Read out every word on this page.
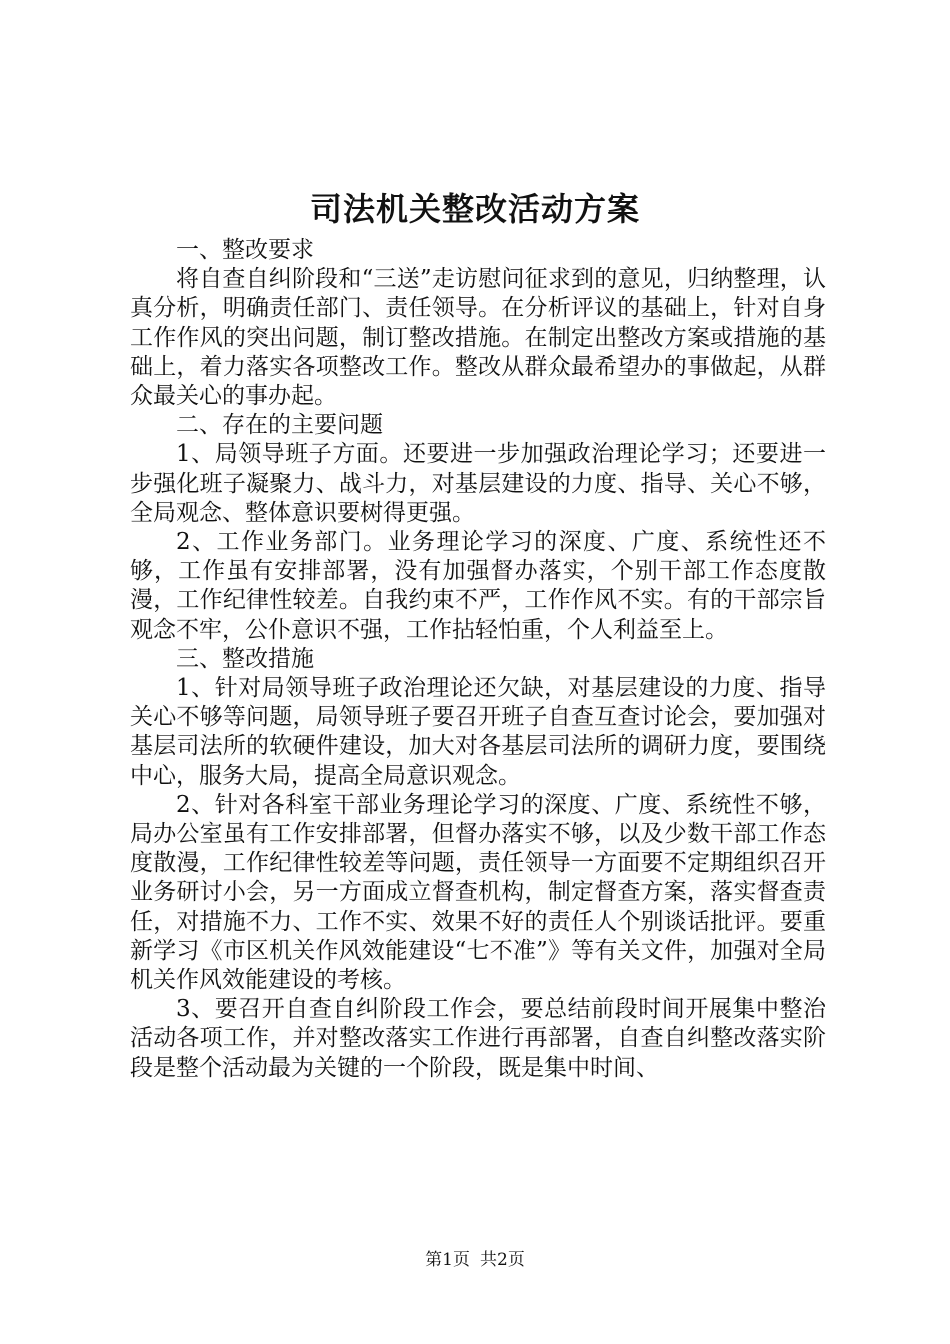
司法机关整改活动方案

一、整改要求

将自查自纠阶段和“三送”走访慰问征求到的意见，归纳整理，认真分析，明确责任部门、责任领导。在分析评议的基础上，针对自身工作作风的突出问题，制订整改措施。在制定出整改方案或措施的基础上，着力落实各项整改工作。整改从群众最希望办的事做起，从群众最关心的事办起。

二、存在的主要问题

1、局领导班子方面。还要进一步加强政治理论学习；还要进一步强化班子凝聚力、战斗力，对基层建设的力度、指导、关心不够，全局观念、整体意识要树得更强。

2、工作业务部门。业务理论学习的深度、广度、系统性还不够，工作虽有安排部署，没有加强督办落实，个别干部工作态度散漫，工作纪律性较差。自我约束不严，工作作风不实。有的干部宗旨观念不牢，公仆意识不强，工作拈轻怕重，个人利益至上。

三、整改措施

1、针对局领导班子政治理论还欠缺，对基层建设的力度、指导关心不够等问题，局领导班子要召开班子自查互查讨论会，要加强对基层司法所的软硬件建设，加大对各基层司法所的调研力度，要围绕中心，服务大局，提高全局意识观念。

2、针对各科室干部业务理论学习的深度、广度、系统性不够，局办公室虽有工作安排部署，但督办落实不够，以及少数干部工作态度散漫，工作纪律性较差等问题，责任领导一方面要不定期组织召开业务研讨小会，另一方面成立督查机构，制定督查方案，落实督查责任，对措施不力、工作不实、效果不好的责任人个别谈话批评。要重新学习《市区机关作风效能建设“七不准”》等有关文件，加强对全局机关作风效能建设的考核。

3、要召开自查自纠阶段工作会，要总结前段时间开展集中整治活动各项工作，并对整改落实工作进行再部署，自查自纠整改落实阶段是整个活动最为关键的一个阶段，既是集中时间、

第1页 共2页
